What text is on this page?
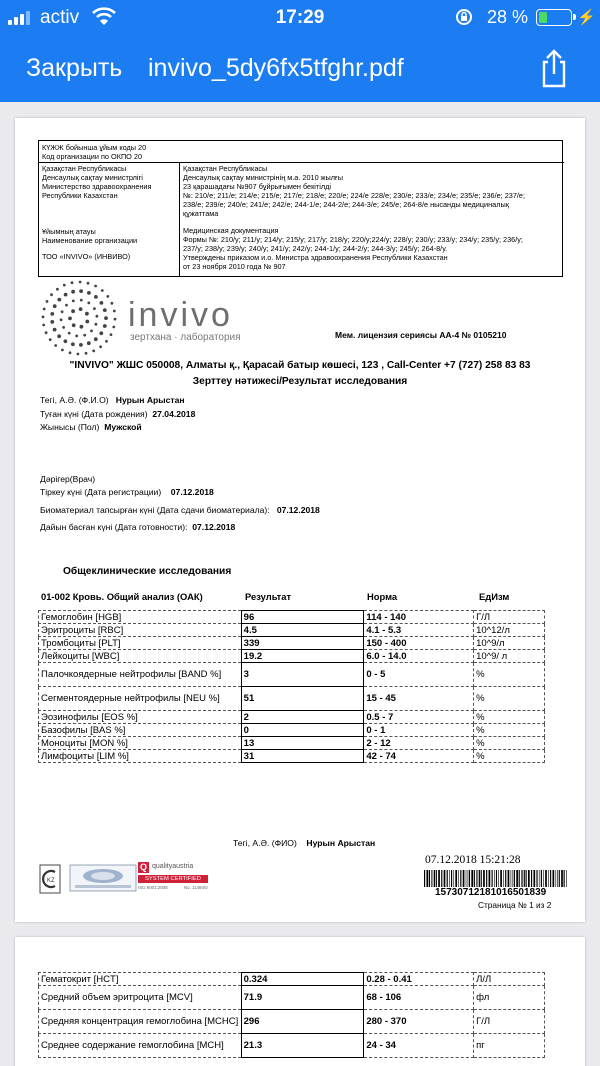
activ	17:29	28 %	⚡
Закрыть invivo_5dy6fx5tfghr.pdf
КҮЖЖ бойынша ұйым коды 20
Код организации по ОКПО 20
Қазақстан Республикасы
Денсаулық сақтау министрлігі
Министерство здравоохранения
Республики Казахстан
Ұйымның атауы
Наименование организации
ТОО «INVIVO» (ИНВИВО)
Қазақстан Республикасы
Денсаулық сақтау министрінің м.а. 2010 жылғы
23 қарашадағы №907 бұйрығымен бекітілді
№: 210/е; 211/е; 214/е; 215/е; 217/е; 218/е; 220/е; 224/е 228/е; 230/е; 233/е; 234/е; 235/е; 236/е; 237/е;
238/е; 239/е; 240/е; 241/е; 242/е; 244-1/е; 244-2/е; 244-3/е; 245/е; 264-8/е нысанды медициналық
құжаттама
Медицинская документация
Формы №: 210/у; 211/у; 214/у; 215/у; 217/у; 218/у; 220/у;224/у; 228/у; 230/у; 233/у; 234/у; 235/у; 236/у;
237/у; 238/у; 239/у; 240/у; 241/у; 242/у; 244-1/у; 244-2/у; 244-3/у; 245/у; 264-8/у.
Утверждены приказом и.о. Министра здравоохранения Республики Казахстан
от 23 ноября 2010 года № 907
invivo
зертхана · лаборатория	Мем. лицензия сериясы АА-4 № 0105210
"INVIVO" ЖШС 050008, Алматы қ., Қарасай батыр көшесі, 123 , Call-Center +7 (727) 258 83 83
Зерттеу нәтижесі/Результат исследования
Тегі, А.Ә. (Ф.И.О) Нурын Арыстан
Туған күні (Дата рождения) 27.04.2018
Жынысы (Пол) Мужской
Дәрігер(Врач)
Тіркеу күні (Дата регистрации) 07.12.2018
Биоматериал тапсырған күні (Дата сдачи биоматериала): 07.12.2018
Дайын басған күні (Дата готовности): 07.12.2018
Общеклинические исследования
01-002 Кровь. Общий анализ (ОАК)	Результат	Норма	ЕдИзм
Гемоглобин [HGB]	96	114 - 140	Г/Л
Эритроциты [RBC]	4.5	4.1 - 5.3	10^12/л
Тромбоциты [PLT]	339	150 - 400	10^9/л
Лейкоциты [WBC]	19.2	6.0 - 14.0	10^9/ л
Палочкоядерные нейтрофилы [BAND %]	3	0 - 5	%
Сегментоядерные нейтрофилы [NEU %]	51	15 - 45	%
Эозинофилы [EOS %]	2	0.5 - 7	%
Базофилы [BAS %]	0	0 - 1	%
Моноциты [MON %]	13	2 - 12	%
Лимфоциты [LIM %]	31	42 - 74	%
Тегі, А.Ә. (ФИО) Нурын Арыстан
KZ
Q qualityaustria
SYSTEM CERTIFIED
ISO 9001:2008	No. 11494/0
07.12.2018 15:21:28
15730712181016501839
Страница № 1 из 2
Гематокрит [HCT]	0.324	0.28 - 0.41	Л/Л
Средний объем эритроцита [MCV]	71.9	68 - 106	фл
Средняя концентрация гемоглобина [MCHC]	296	280 - 370	Г/Л
Среднее содержание гемоглобина [MCH]	21.3	24 - 34	пг
